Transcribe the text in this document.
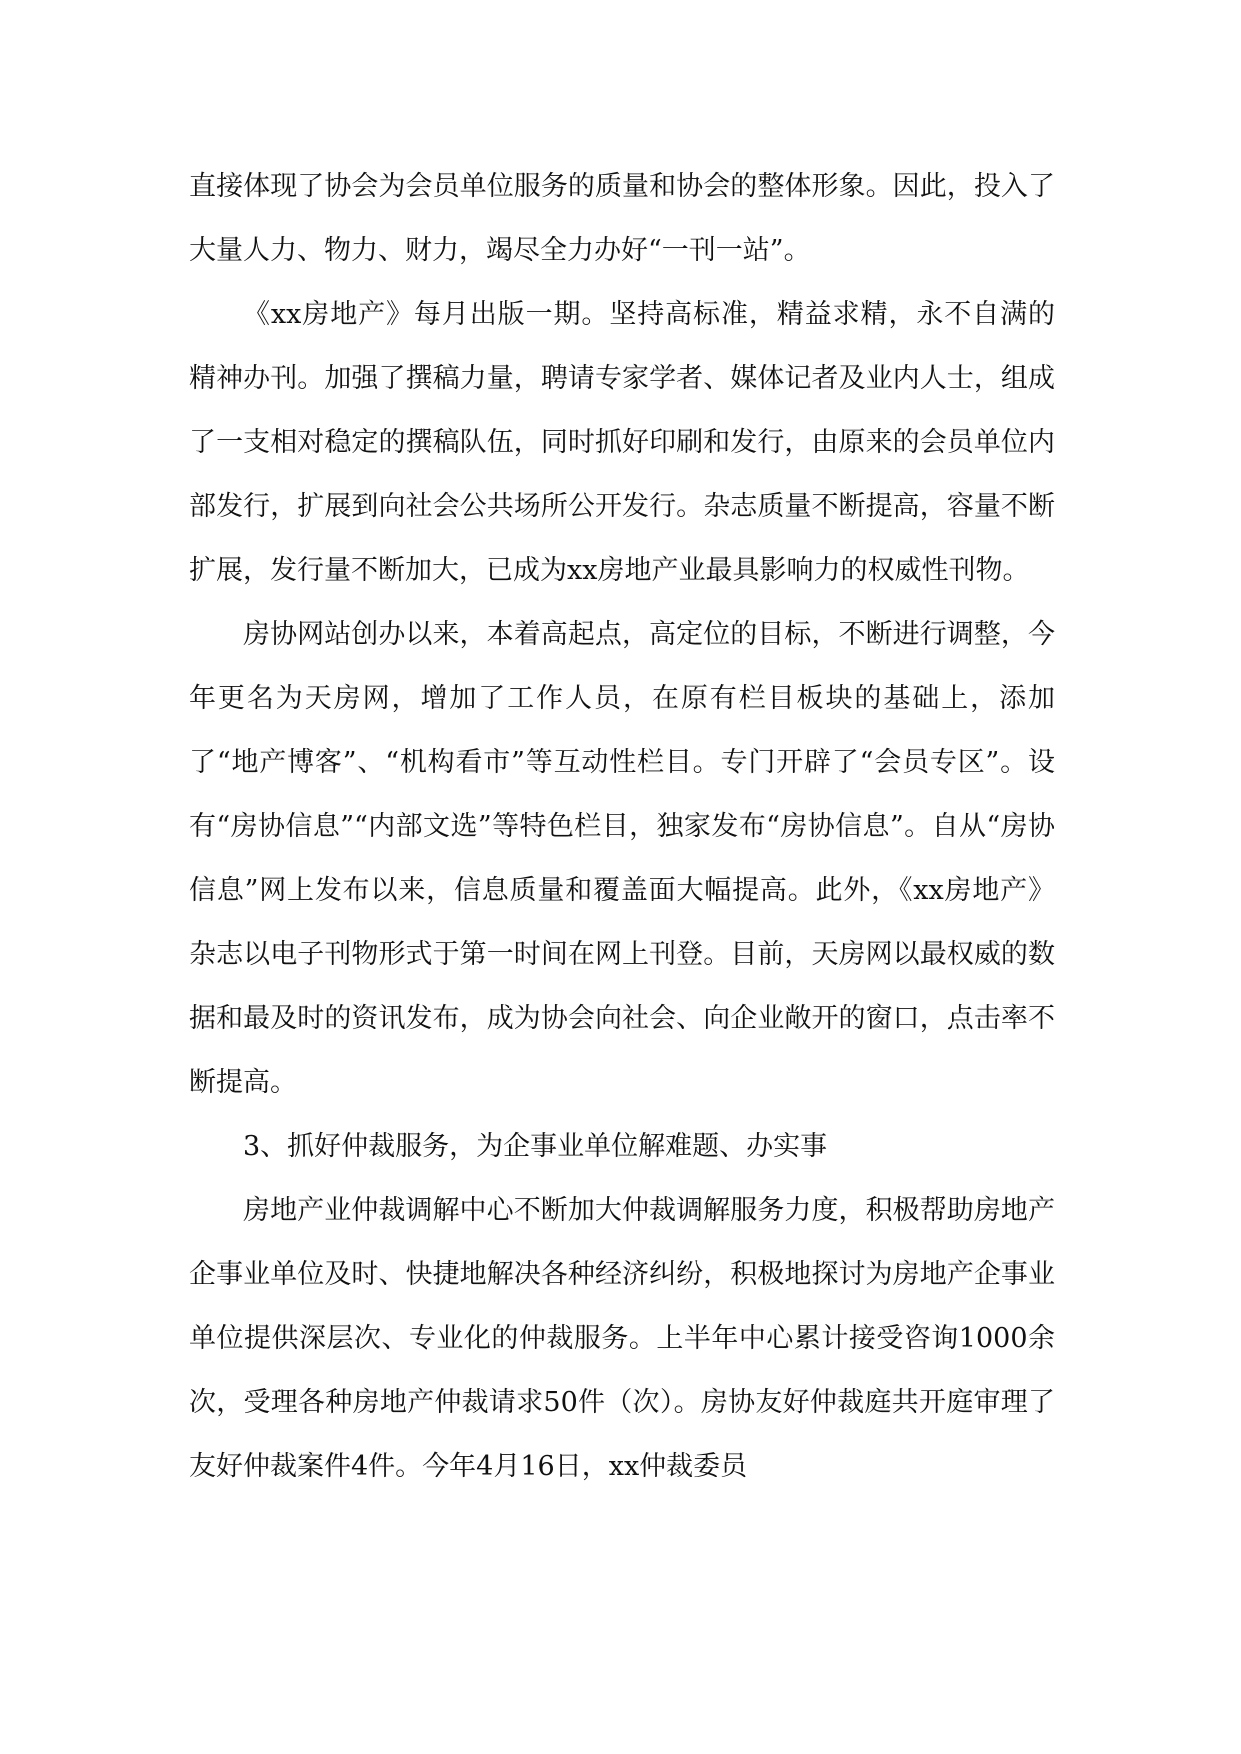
直接体现了协会为会员单位服务的质量和协会的整体形象。因此，投入了大量人力、物力、财力，竭尽全力办好“一刊一站”。

《xx房地产》每月出版一期。坚持高标准，精益求精，永不自满的精神办刊。加强了撰稿力量，聘请专家学者、媒体记者及业内人士，组成了一支相对稳定的撰稿队伍，同时抓好印刷和发行，由原来的会员单位内部发行，扩展到向社会公共场所公开发行。杂志质量不断提高，容量不断扩展，发行量不断加大，已成为xx房地产业最具影响力的权威性刊物。

房协网站创办以来，本着高起点，高定位的目标，不断进行调整，今年更名为天房网，增加了工作人员，在原有栏目板块的基础上，添加了“地产博客”、“机构看市”等互动性栏目。专门开辟了“会员专区”。设有“房协信息”“内部文选”等特色栏目，独家发布“房协信息”。自从“房协信息”网上发布以来，信息质量和覆盖面大幅提高。此外，《xx房地产》杂志以电子刊物形式于第一时间在网上刊登。目前，天房网以最权威的数据和最及时的资讯发布，成为协会向社会、向企业敞开的窗口，点击率不断提高。

3、抓好仲裁服务，为企事业单位解难题、办实事

房地产业仲裁调解中心不断加大仲裁调解服务力度，积极帮助房地产企事业单位及时、快捷地解决各种经济纠纷，积极地探讨为房地产企事业单位提供深层次、专业化的仲裁服务。上半年中心累计接受咨询1000余次，受理各种房地产仲裁请求50件（次）。房协友好仲裁庭共开庭审理了友好仲裁案件4件。今年4月16日，xx仲裁委员
